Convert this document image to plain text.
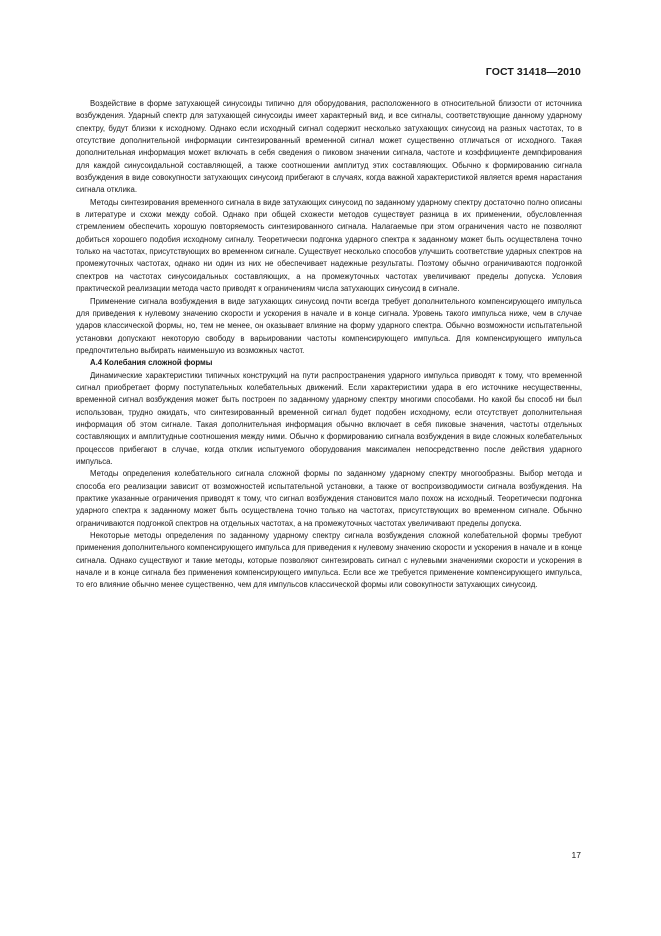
ГОСТ 31418—2010

Воздействие в форме затухающей синусоиды типично для оборудования, расположенного в относительной близости от источника возбуждения. Ударный спектр для затухающей синусоиды имеет характерный вид, и все сигналы, соответствующие данному ударному спектру, будут близки к исходному. Однако если исходный сигнал содержит несколько затухающих синусоид на разных частотах, то в отсутствие дополнительной информации синтезированный временной сигнал может существенно отличаться от исходного. Такая дополнительная информация может включать в себя сведения о пиковом значении сигнала, частоте и коэффициенте демпфирования для каждой синусоидальной составляющей, а также соотношении амплитуд этих составляющих. Обычно к формированию сигнала возбуждения в виде совокупности затухающих синусоид прибегают в случаях, когда важной характеристикой является время нарастания сигнала отклика.

Методы синтезирования временного сигнала в виде затухающих синусоид по заданному ударному спектру достаточно полно описаны в литературе и схожи между собой. Однако при общей схожести методов существует разница в их применении, обусловленная стремлением обеспечить хорошую повторяемость синтезированного сигнала. Налагаемые при этом ограничения часто не позволяют добиться хорошего подобия исходному сигналу. Теоретически подгонка ударного спектра к заданному может быть осуществлена точно только на частотах, присутствующих во временном сигнале. Существует несколько способов улучшить соответствие ударных спектров на промежуточных частотах, однако ни один из них не обеспечивает надежные результаты. Поэтому обычно ограничиваются подгонкой спектров на частотах синусоидальных составляющих, а на промежуточных частотах увеличивают пределы допуска. Условия практической реализации метода часто приводят к ограничениям числа затухающих синусоид в сигнале.

Применение сигнала возбуждения в виде затухающих синусоид почти всегда требует дополнительного компенсирующего импульса для приведения к нулевому значению скорости и ускорения в начале и в конце сигнала. Уровень такого импульса ниже, чем в случае ударов классической формы, но, тем не менее, он оказывает влияние на форму ударного спектра. Обычно возможности испытательной установки допускают некоторую свободу в варьировании частоты компенсирующего импульса. Для компенсирующего импульса предпочтительно выбирать наименьшую из возможных частот.

А.4 Колебания сложной формы

Динамические характеристики типичных конструкций на пути распространения ударного импульса приводят к тому, что временной сигнал приобретает форму поступательных колебательных движений. Если характеристики удара в его источнике несущественны, временной сигнал возбуждения может быть построен по заданному ударному спектру многими способами. Но какой бы способ ни был использован, трудно ожидать, что синтезированный временной сигнал будет подобен исходному, если отсутствует дополнительная информация об этом сигнале. Такая дополнительная информация обычно включает в себя пиковые значения, частоты отдельных составляющих и амплитудные соотношения между ними. Обычно к формированию сигнала возбуждения в виде сложных колебательных процессов прибегают в случае, когда отклик испытуемого оборудования максимален непосредственно после действия ударного импульса.

Методы определения колебательного сигнала сложной формы по заданному ударному спектру многообразны. Выбор метода и способа его реализации зависит от возможностей испытательной установки, а также от воспроизводимости сигнала возбуждения. На практике указанные ограничения приводят к тому, что сигнал возбуждения становится мало похож на исходный. Теоретически подгонка ударного спектра к заданному может быть осуществлена точно только на частотах, присутствующих во временном сигнале. Обычно ограничиваются подгонкой спектров на отдельных частотах, а на промежуточных частотах увеличивают пределы допуска.

Некоторые методы определения по заданному ударному спектру сигнала возбуждения сложной колебательной формы требуют применения дополнительного компенсирующего импульса для приведения к нулевому значению скорости и ускорения в начале и в конце сигнала. Однако существуют и такие методы, которые позволяют синтезировать сигнал с нулевыми значениями скорости и ускорения в начале и в конце сигнала без применения компенсирующего импульса. Если все же требуется применение компенсирующего импульса, то его влияние обычно менее существенно, чем для импульсов классической формы или совокупности затухающих синусоид.

17
